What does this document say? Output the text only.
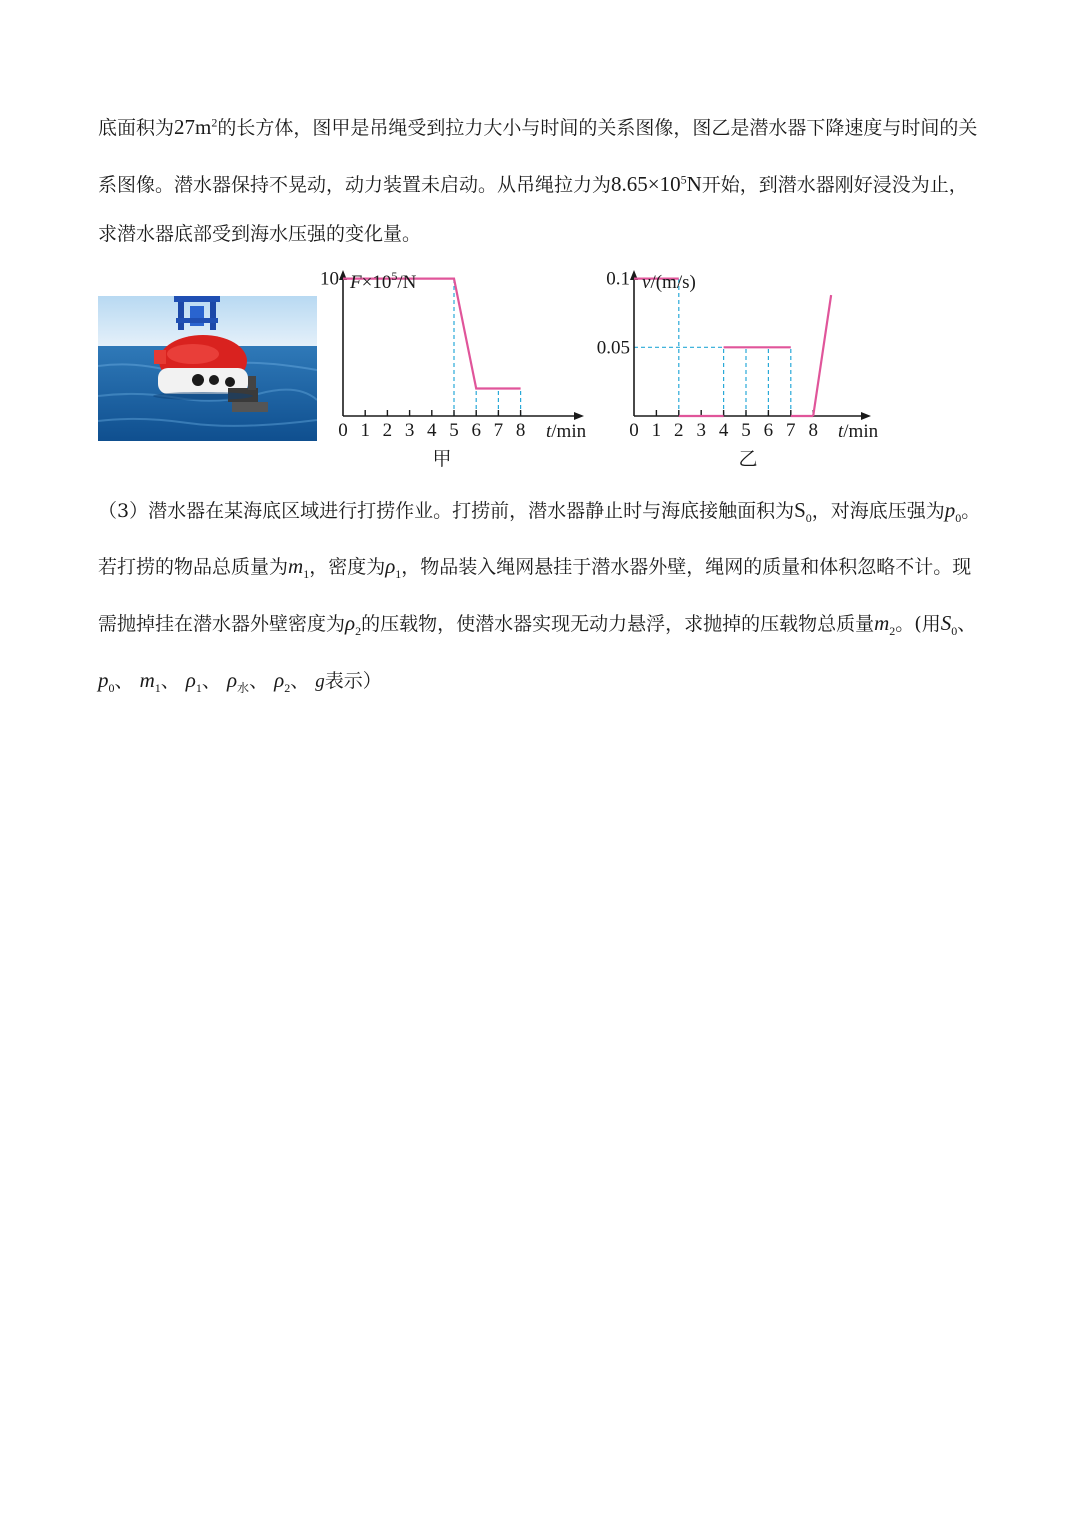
底面积为$27m^2$的长方体，图甲是吊绳受到拉力大小与时间的关系图像，图乙是潜水器下降速度与时间的关
系图像。潜水器保持不晃动，动力装置未启动。从吊绳拉力为$8.65\times 10^5N$开始，到潜水器刚好浸没为止，
求潜水器底部受到海水压强的变化量。
0 1 2 3 4 5 6 7 8
10 $F\times 10^5/N$
t/min
甲
0 1 2 3 4 5 6 7 8
0.1
0.05
v/(m/s)
t/min
乙
（3）潜水器在某海底区域进行打捞作业。打捞前，潜水器静止时与海底接触面积为$S_0$，对海底压强为$p_0$。
若打捞的物品总质量为$m_1$，密度为$\rho_1$，物品装入绳网悬挂于潜水器外壁，绳网的质量和体积忽略不计。现
需抛掉挂在潜水器外壁密度为$\rho_2$的压载物，使潜水器实现无动力悬浮，求抛掉的压载物总质量$m_2$。(用$S_0$、
$p_0$、 $m_1$、 $\rho_1$、 $\rho_水$、 $\rho_2$、 g表示）
